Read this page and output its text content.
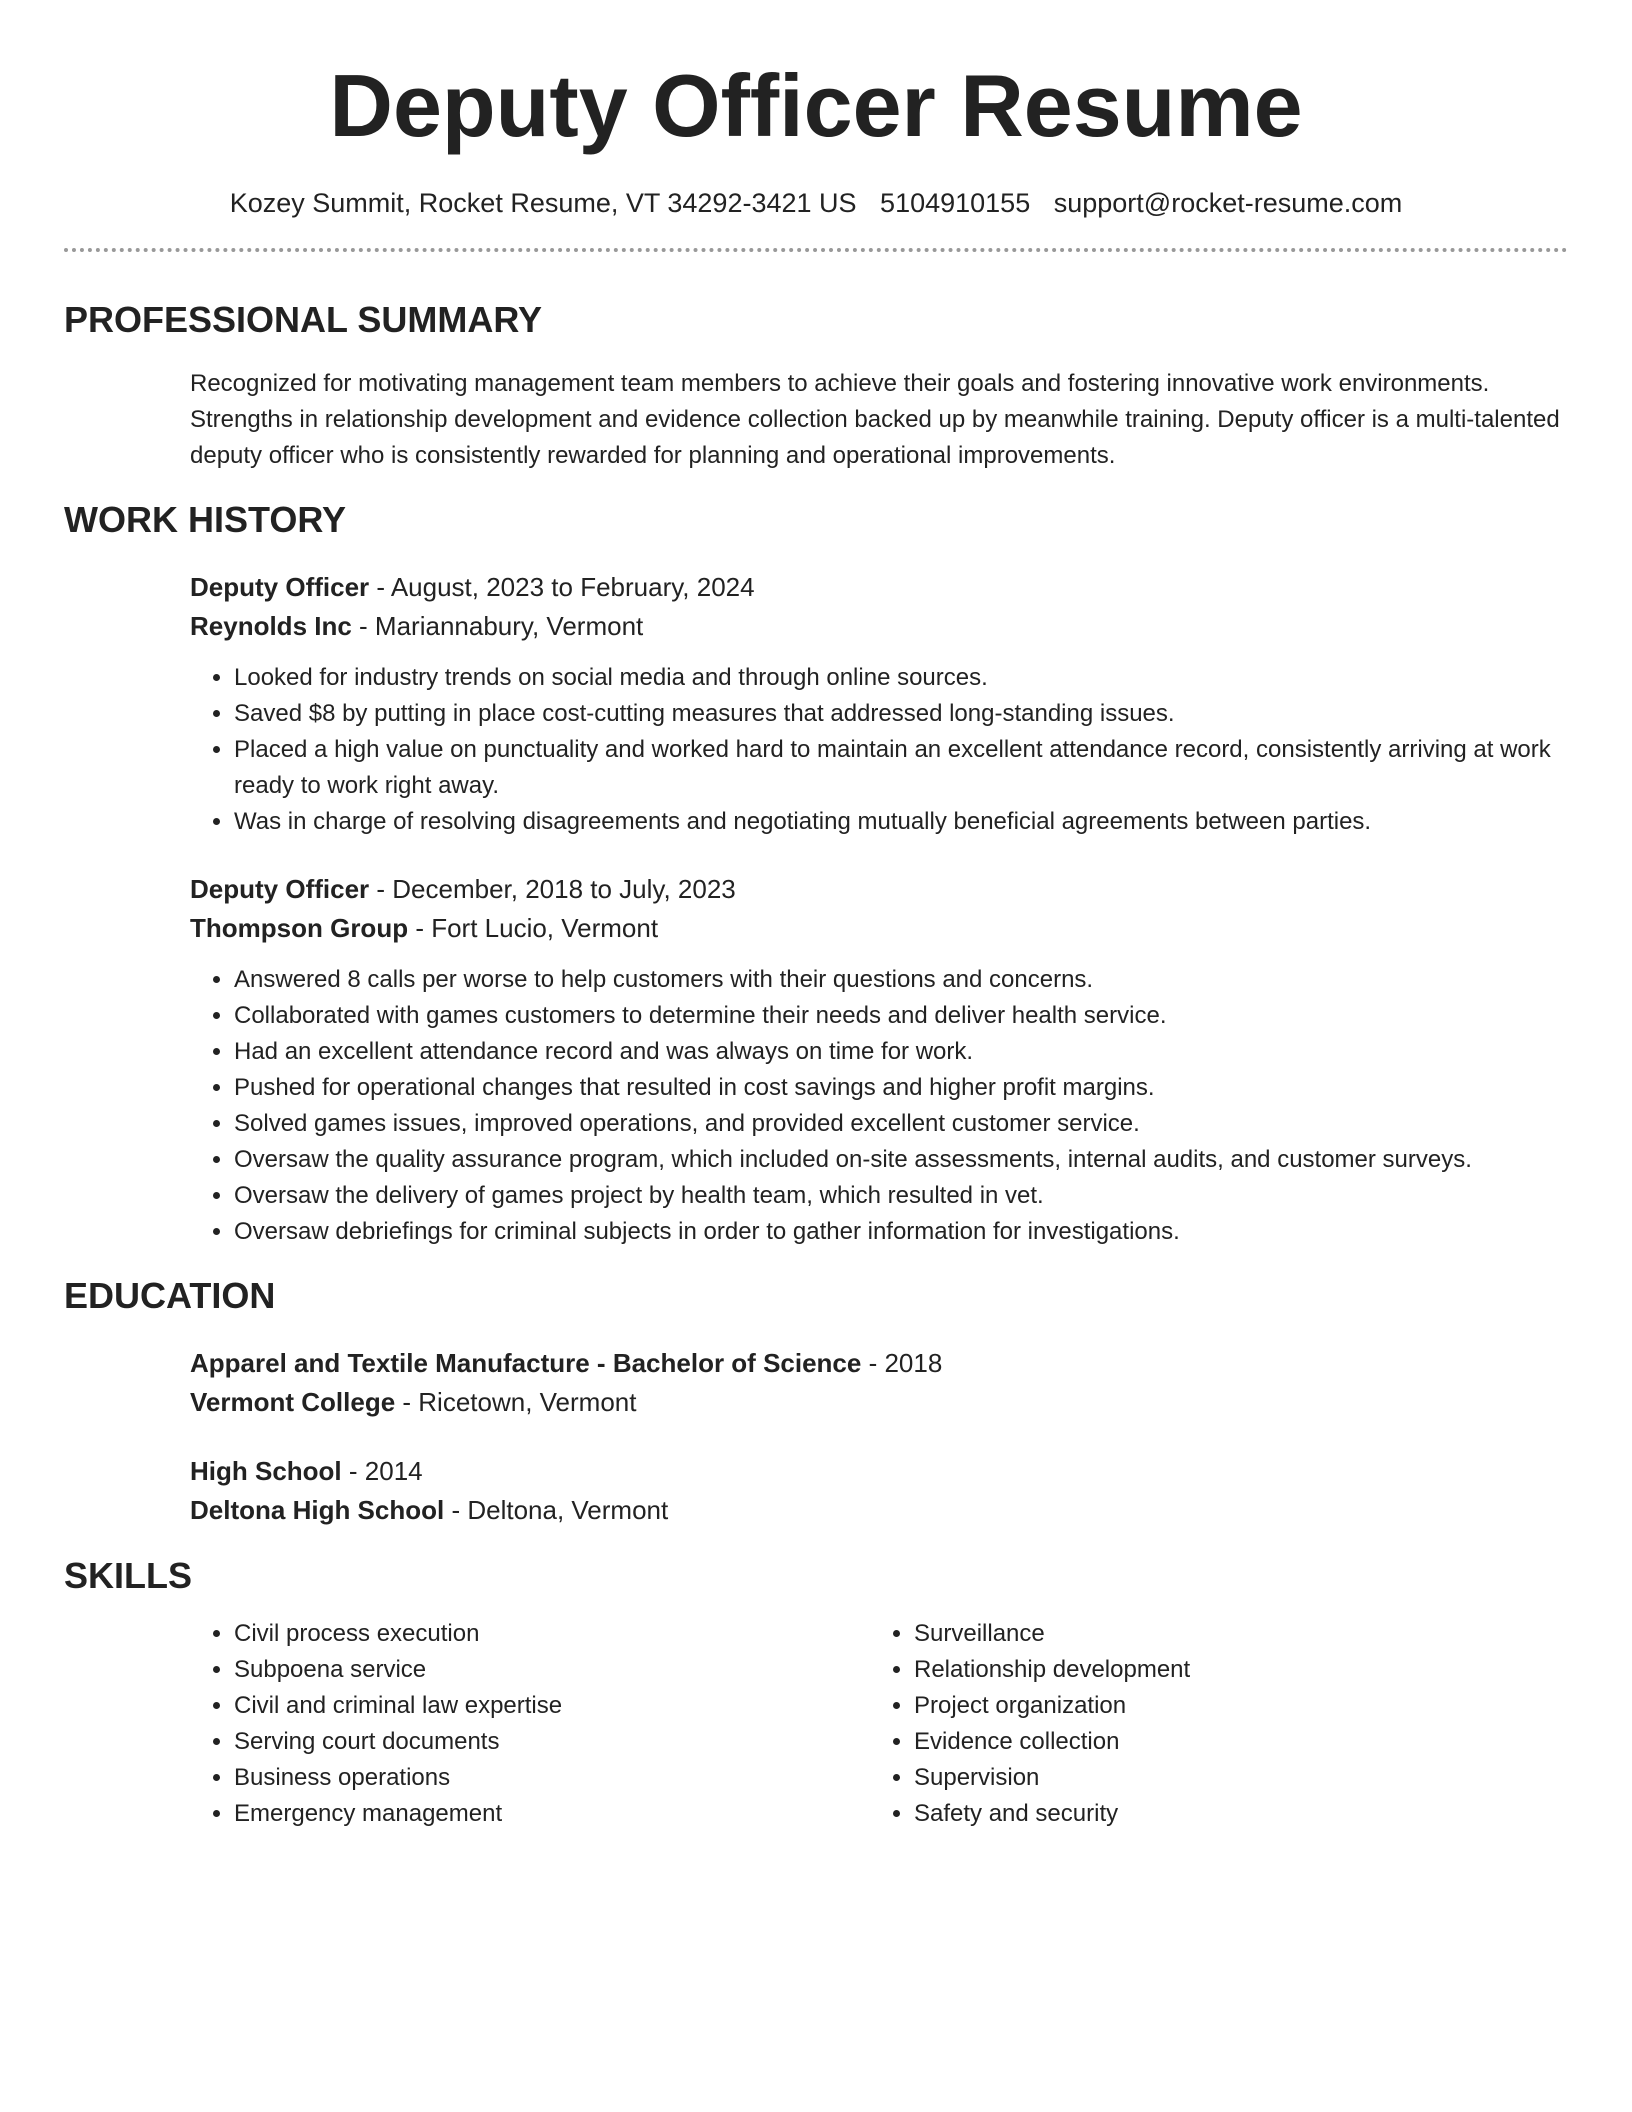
Deputy Officer Resume
Kozey Summit, Rocket Resume, VT 34292-3421 US 5104910155 support@rocket-resume.com
PROFESSIONAL SUMMARY

Recognized for motivating management team members to achieve their goals and fostering innovative work environments. Strengths in relationship development and evidence collection backed up by meanwhile training. Deputy officer is a multi-talented deputy officer who is consistently rewarded for planning and operational improvements.

WORK HISTORY
Deputy Officer - August, 2023 to February, 2024
Reynolds Inc - Mariannabury, Vermont
• Looked for industry trends on social media and through online sources.
• Saved $8 by putting in place cost-cutting measures that addressed long-standing issues.
• Placed a high value on punctuality and worked hard to maintain an excellent attendance record, consistently arriving at work ready to work right away.
• Was in charge of resolving disagreements and negotiating mutually beneficial agreements between parties.
Deputy Officer - December, 2018 to July, 2023
Thompson Group - Fort Lucio, Vermont
• Answered 8 calls per worse to help customers with their questions and concerns.
• Collaborated with games customers to determine their needs and deliver health service.
• Had an excellent attendance record and was always on time for work.
• Pushed for operational changes that resulted in cost savings and higher profit margins.
• Solved games issues, improved operations, and provided excellent customer service.
• Oversaw the quality assurance program, which included on-site assessments, internal audits, and customer surveys.
• Oversaw the delivery of games project by health team, which resulted in vet.
• Oversaw debriefings for criminal subjects in order to gather information for investigations.
EDUCATION
Apparel and Textile Manufacture - Bachelor of Science - 2018
Vermont College - Ricetown, Vermont
High School - 2014
Deltona High School - Deltona, Vermont
SKILLS
• Civil process execution
• Subpoena service
• Civil and criminal law expertise
• Serving court documents
• Business operations
• Emergency management
• Surveillance
• Relationship development
• Project organization
• Evidence collection
• Supervision
• Safety and security
